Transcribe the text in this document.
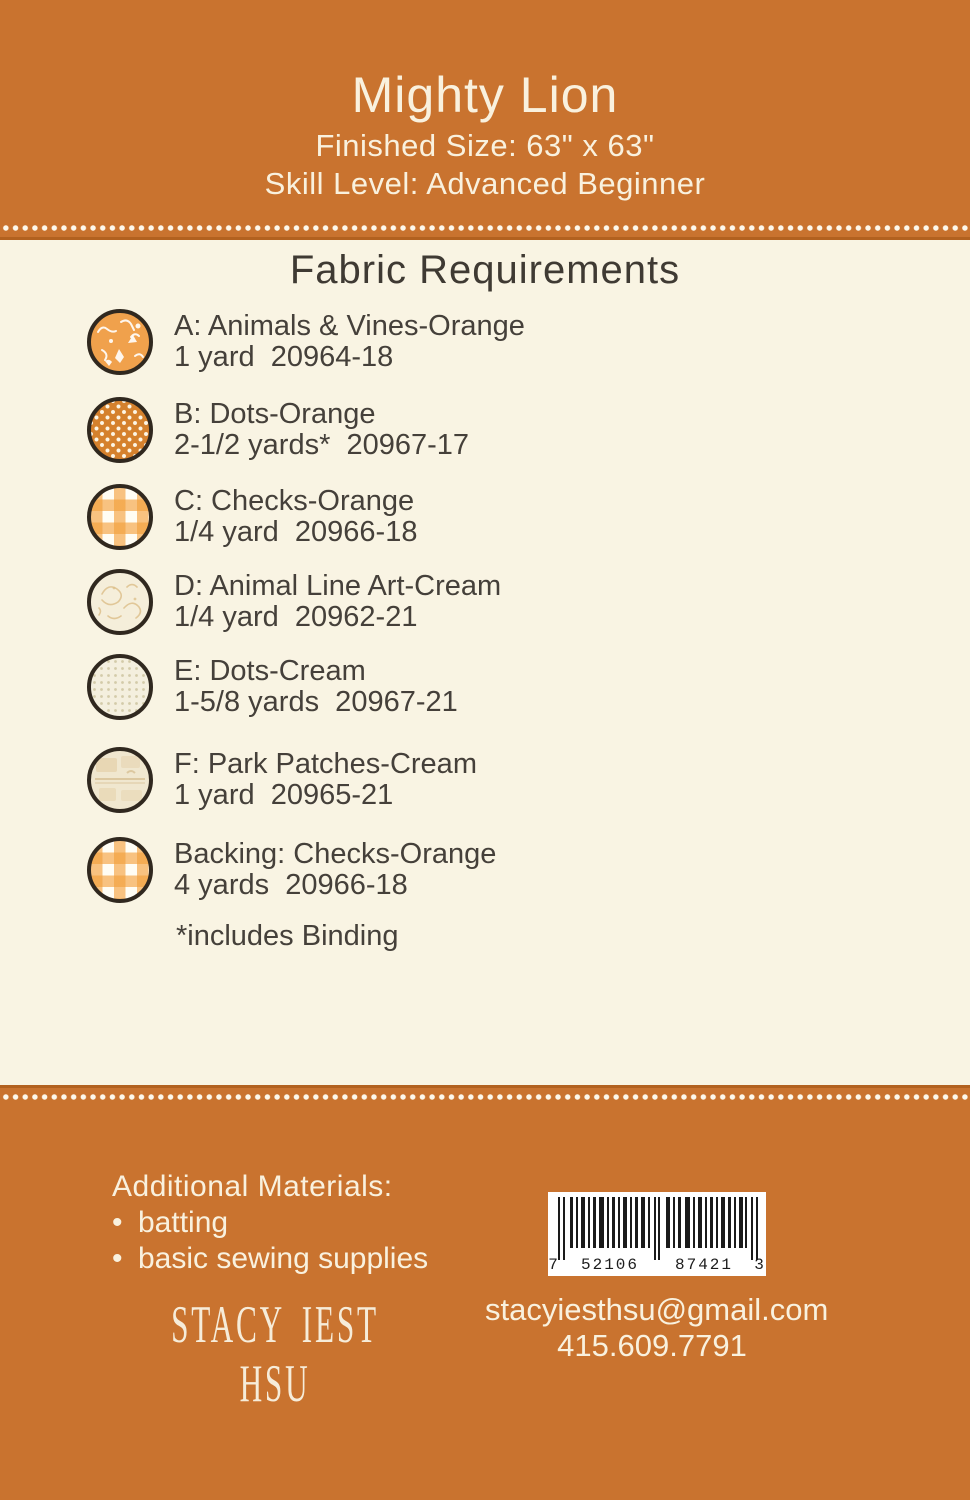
Mighty Lion
Finished Size: 63" x 63"
Skill Level: Advanced Beginner
Fabric Requirements
A: Animals & Vines-Orange
1 yard  20964-18
B: Dots-Orange
2-1/2 yards*  20967-17
C: Checks-Orange
1/4 yard  20966-18
D: Animal Line Art-Cream
1/4 yard  20962-21
E: Dots-Cream
1-5/8 yards  20967-21
F: Park Patches-Cream
1 yard  20965-21
Backing: Checks-Orange
4 yards  20966-18
*includes Binding
Additional Materials:
• batting
• basic sewing supplies	7	52106	87421	3
STACY IEST HSU
stacyiesthsu@gmail.com
415.609.7791
